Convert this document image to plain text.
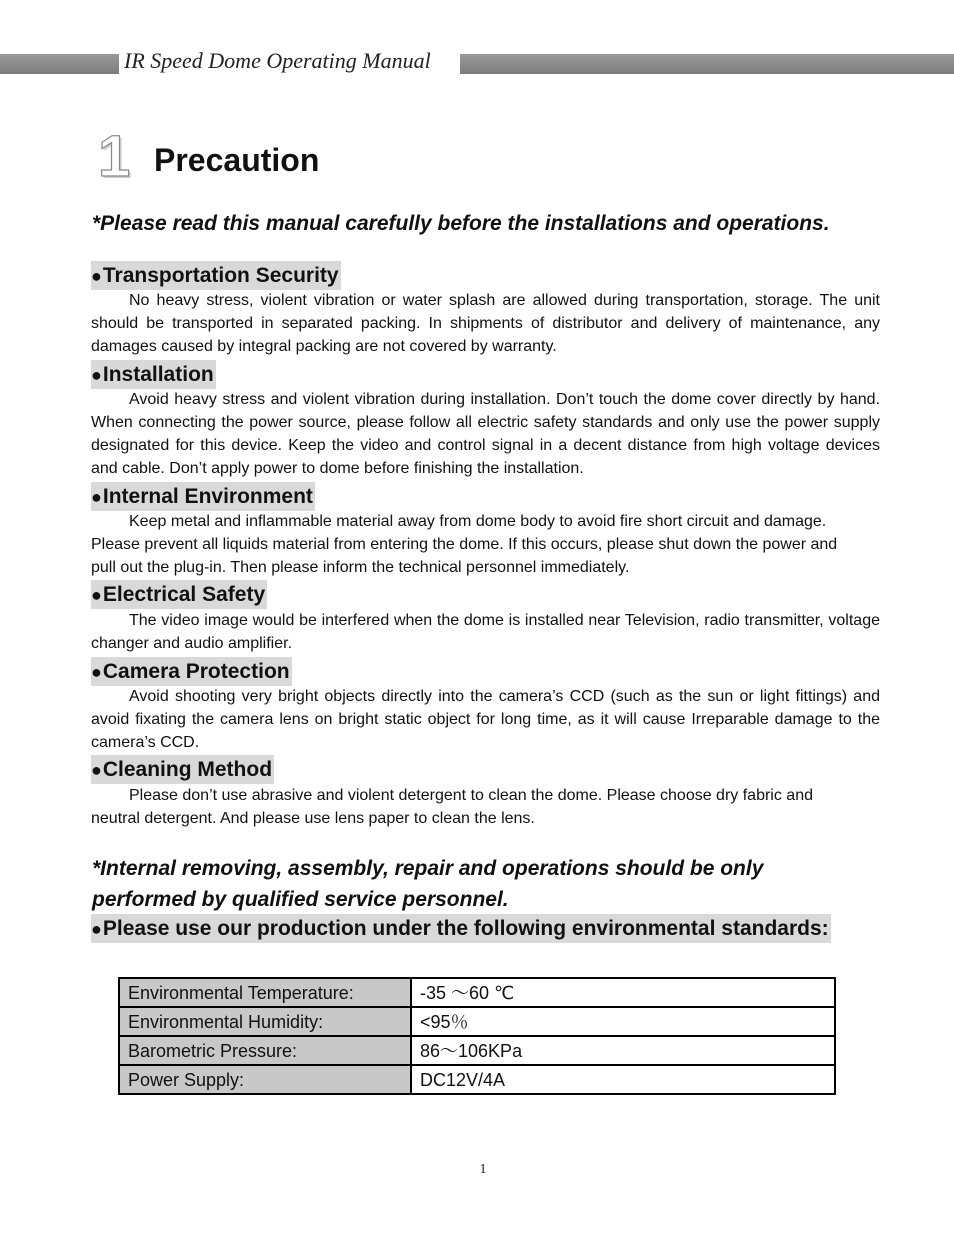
IR Speed Dome Operating Manual
1 Precaution
*Please read this manual carefully before the installations and operations.
●Transportation Security
No heavy stress, violent vibration or water splash are allowed during transportation, storage. The unit should be transported in separated packing. In shipments of distributor and delivery of maintenance, any damages caused by integral packing are not covered by warranty.
●Installation
Avoid heavy stress and violent vibration during installation. Don’t touch the dome cover directly by hand. When connecting the power source, please follow all electric safety standards and only use the power supply designated for this device. Keep the video and control signal in a decent distance from high voltage devices and cable. Don’t apply power to dome before finishing the installation.
●Internal Environment
Keep metal and inflammable material away from dome body to avoid fire short circuit and damage. Please prevent all liquids material from entering the dome. If this occurs, please shut down the power and pull out the plug-in. Then please inform the technical personnel immediately.
●Electrical Safety
The video image would be interfered when the dome is installed near Television, radio transmitter, voltage changer and audio amplifier.
●Camera Protection
Avoid shooting very bright objects directly into the camera’s CCD (such as the sun or light fittings) and avoid fixating the camera lens on bright static object for long time, as it will cause Irreparable damage to the camera’s CCD.
●Cleaning Method
Please don’t use abrasive and violent detergent to clean the dome. Please choose dry fabric and neutral detergent. And please use lens paper to clean the lens.
*Internal removing, assembly, repair and operations should be only performed by qualified service personnel.
●Please use our production under the following environmental standards:
Environmental Temperature:	-35 ～60 ℃
Environmental Humidity:	<95％
Barometric Pressure:	86～106KPa
Power Supply:	DC12V/4A
1
